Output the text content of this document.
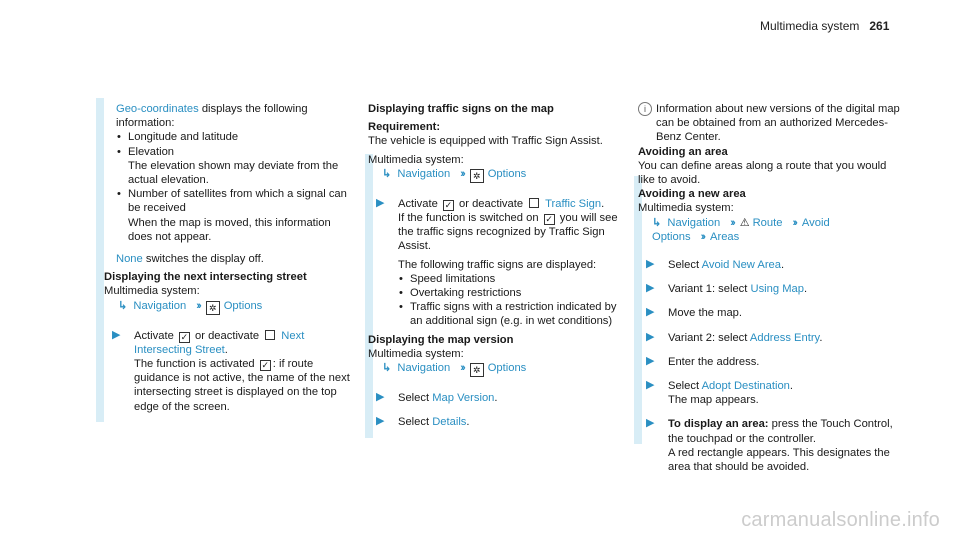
Multimedia system 261

Geo-coordinates displays the following information:

• Longitude and latitude
• Elevation

The elevation shown may deviate from the actual elevation.

• Number of satellites from which a signal can be received

When the map is moved, this information does not appear.

None switches the display off.

Displaying the next intersecting street

Multimedia system:

↳ Navigation ›› ✲ Options

▶ Activate ✓ or deactivate Next Intersecting Street.

The function is activated ✓ : if route guidance is not active, the name of the next intersecting street is displayed on the top edge of the screen.

Displaying traffic signs on the map

Requirement:

The vehicle is equipped with Traffic Sign Assist.

Multimedia system:

↳ Navigation ›› ✲ Options

▶ Activate ✓ or deactivate Traffic Sign.

If the function is switched on ✓ you will see the traffic signs recognized by Traffic Sign Assist.

The following traffic signs are displayed:

• Speed limitations
• Overtaking restrictions
• Traffic signs with a restriction indicated by an additional sign (e.g. in wet conditions)

Displaying the map version

Multimedia system:

↳ Navigation ›› ✲ Options

▶ Select Map Version.

▶ Select Details.

i Information about new versions of the digital map can be obtained from an authorized Mercedes-Benz Center.

Avoiding an area

You can define areas along a route that you would like to avoid.

Avoiding a new area

Multimedia system:

↳ Navigation ›› ⚠ Route ›› Avoid

Options ›› Areas

▶ Select Avoid New Area.

▶ Variant 1: select Using Map.

▶ Move the map.

▶ Variant 2: select Address Entry.

▶ Enter the address.

▶ Select Adopt Destination.

The map appears.

▶ To display an area: press the Touch Control, the touchpad or the controller.

A red rectangle appears. This designates the area that should be avoided.

carmanualsonline.info
